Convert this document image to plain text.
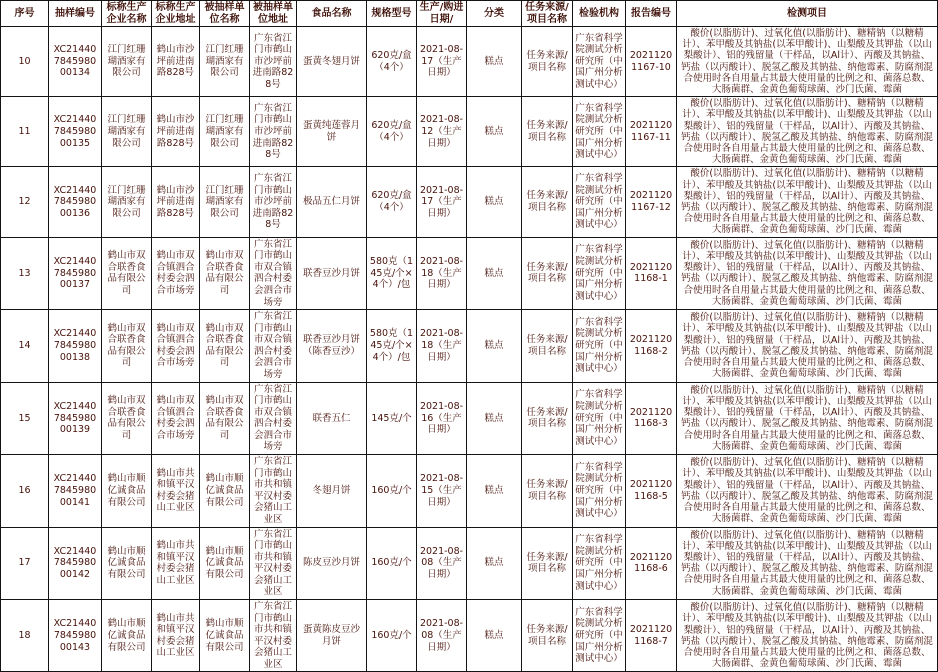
序号	抽样编号	标称生产企业名称	标称生产企业地址	被抽样单位名称	被抽样单位地址	食品名称	规格型号	生产/购进日期/	分类	任务来源/项目名称	检验机构	报告编号	检测项目
10	XC21440784598000134	江门红珊瑚酒家有限公司	鹤山市沙坪前进南路828号	江门红珊瑚酒家有限公司	广东省江门市鹤山市沙坪前进南路828号	蛋黄冬翅月饼	620克/盒（4个）	2021-08-17（生产日期）	糕点	任务来源/项目名称	广东省科学院测试分析研究所（中国广州分析测试中心）	20211201167-10	酸价(以脂肪计)、过氧化值(以脂肪计)、糖精钠（以糖精计）、苯甲酸及其钠盐(以苯甲酸计)、山梨酸及其钾盐（以山梨酸计）、铝的残留量（干样品，以Al计）、丙酸及其钠盐、钙盐（以丙酸计）、脱氢乙酸及其钠盐、纳他霉素、防腐剂混合使用时各自用量占其最大使用量的比例之和、菌落总数、大肠菌群、金黄色葡萄球菌、沙门氏菌、霉菌
11	XC21440784598000135	江门红珊瑚酒家有限公司	鹤山市沙坪前进南路828号	江门红珊瑚酒家有限公司	广东省江门市鹤山市沙坪前进南路828号	蛋黄纯莲蓉月饼	620克/盒（4个）	2021-08-12（生产日期）	糕点	任务来源/项目名称	广东省科学院测试分析研究所（中国广州分析测试中心）	20211201167-11	酸价(以脂肪计)、过氧化值(以脂肪计)、糖精钠（以糖精计）、苯甲酸及其钠盐(以苯甲酸计)、山梨酸及其钾盐（以山梨酸计）、铝的残留量（干样品，以Al计）、丙酸及其钠盐、钙盐（以丙酸计）、脱氢乙酸及其钠盐、纳他霉素、防腐剂混合使用时各自用量占其最大使用量的比例之和、菌落总数、大肠菌群、金黄色葡萄球菌、沙门氏菌、霉菌
12	XC21440784598000136	江门红珊瑚酒家有限公司	鹤山市沙坪前进南路828号	江门红珊瑚酒家有限公司	广东省江门市鹤山市沙坪前进南路828号	极品五仁月饼	620克/盒（4个）	2021-08-17（生产日期）	糕点	任务来源/项目名称	广东省科学院测试分析研究所（中国广州分析测试中心）	20211201167-12	酸价(以脂肪计)、过氧化值(以脂肪计)、糖精钠（以糖精计）、苯甲酸及其钠盐(以苯甲酸计)、山梨酸及其钾盐（以山梨酸计）、铝的残留量（干样品，以Al计）、丙酸及其钠盐、钙盐（以丙酸计）、脱氢乙酸及其钠盐、纳他霉素、防腐剂混合使用时各自用量占其最大使用量的比例之和、菌落总数、大肠菌群、金黄色葡萄球菌、沙门氏菌、霉菌
13	XC21440784598000137	鹤山市双合联香食品有限公司	鹤山市双合镇泗合村委会泗合市场旁	鹤山市双合联香食品有限公司	广东省江门市鹤山市双合镇泗合村委会泗合市场旁	联香豆沙月饼	580克（145克/个×4个）/包	2021-08-18（生产日期）	糕点	任务来源/项目名称	广东省科学院测试分析研究所（中国广州分析测试中心）	20211201168-1	酸价(以脂肪计)、过氧化值(以脂肪计)、糖精钠（以糖精计）、苯甲酸及其钠盐(以苯甲酸计)、山梨酸及其钾盐（以山梨酸计）、铝的残留量（干样品，以Al计）、丙酸及其钠盐、钙盐（以丙酸计）、脱氢乙酸及其钠盐、纳他霉素、防腐剂混合使用时各自用量占其最大使用量的比例之和、菌落总数、大肠菌群、金黄色葡萄球菌、沙门氏菌、霉菌
14	XC21440784598000138	鹤山市双合联香食品有限公司	鹤山市双合镇泗合村委会泗合市场旁	鹤山市双合联香食品有限公司	广东省江门市鹤山市双合镇泗合村委会泗合市场旁	联香豆沙月饼（陈香豆沙）	580克（145克/个×4个）/包	2021-08-18（生产日期）	糕点	任务来源/项目名称	广东省科学院测试分析研究所（中国广州分析测试中心）	20211201168-2	酸价(以脂肪计)、过氧化值(以脂肪计)、糖精钠（以糖精计）、苯甲酸及其钠盐(以苯甲酸计)、山梨酸及其钾盐（以山梨酸计）、铝的残留量（干样品，以Al计）、丙酸及其钠盐、钙盐（以丙酸计）、脱氢乙酸及其钠盐、纳他霉素、防腐剂混合使用时各自用量占其最大使用量的比例之和、菌落总数、大肠菌群、金黄色葡萄球菌、沙门氏菌、霉菌
15	XC21440784598000139	鹤山市双合联香食品有限公司	鹤山市双合镇泗合村委会泗合市场旁	鹤山市双合联香食品有限公司	广东省江门市鹤山市双合镇泗合村委会泗合市场旁	联香五仁	145克/个	2021-08-16（生产日期）	糕点	任务来源/项目名称	广东省科学院测试分析研究所（中国广州分析测试中心）	20211201168-3	酸价(以脂肪计)、过氧化值(以脂肪计)、糖精钠（以糖精计）、苯甲酸及其钠盐(以苯甲酸计)、山梨酸及其钾盐（以山梨酸计）、铝的残留量（干样品，以Al计）、丙酸及其钠盐、钙盐（以丙酸计）、脱氢乙酸及其钠盐、纳他霉素、防腐剂混合使用时各自用量占其最大使用量的比例之和、菌落总数、大肠菌群、金黄色葡萄球菌、沙门氏菌、霉菌
16	XC21440784598000141	鹤山市顺亿诚食品有限公司	鹤山市共和镇平汉村委会猪山工业区	鹤山市顺亿诚食品有限公司	广东省江门市鹤山市共和镇平汉村委会猪山工业区	冬翅月饼	160克/个	2021-08-15（生产日期）	糕点	任务来源/项目名称	广东省科学院测试分析研究所（中国广州分析测试中心）	20211201168-5	酸价(以脂肪计)、过氧化值(以脂肪计)、糖精钠（以糖精计）、苯甲酸及其钠盐(以苯甲酸计)、山梨酸及其钾盐（以山梨酸计）、铝的残留量（干样品，以Al计）、丙酸及其钠盐、钙盐（以丙酸计）、脱氢乙酸及其钠盐、纳他霉素、防腐剂混合使用时各自用量占其最大使用量的比例之和、菌落总数、大肠菌群、金黄色葡萄球菌、沙门氏菌、霉菌
17	XC21440784598000142	鹤山市顺亿诚食品有限公司	鹤山市共和镇平汉村委会猪山工业区	鹤山市顺亿诚食品有限公司	广东省江门市鹤山市共和镇平汉村委会猪山工业区	陈皮豆沙月饼	160克/个	2021-08-08（生产日期）	糕点	任务来源/项目名称	广东省科学院测试分析研究所（中国广州分析测试中心）	20211201168-6	酸价(以脂肪计)、过氧化值(以脂肪计)、糖精钠（以糖精计）、苯甲酸及其钠盐(以苯甲酸计)、山梨酸及其钾盐（以山梨酸计）、铝的残留量（干样品，以Al计）、丙酸及其钠盐、钙盐（以丙酸计）、脱氢乙酸及其钠盐、纳他霉素、防腐剂混合使用时各自用量占其最大使用量的比例之和、菌落总数、大肠菌群、金黄色葡萄球菌、沙门氏菌、霉菌
18	XC21440784598000143	鹤山市顺亿诚食品有限公司	鹤山市共和镇平汉村委会猪山工业区	鹤山市顺亿诚食品有限公司	广东省江门市鹤山市共和镇平汉村委会猪山工业区	蛋黄陈皮豆沙月饼	160克/个	2021-08-08（生产日期）	糕点	任务来源/项目名称	广东省科学院测试分析研究所（中国广州分析测试中心）	20211201168-7	酸价(以脂肪计)、过氧化值(以脂肪计)、糖精钠（以糖精计）、苯甲酸及其钠盐(以苯甲酸计)、山梨酸及其钾盐（以山梨酸计）、铝的残留量（干样品，以Al计）、丙酸及其钠盐、钙盐（以丙酸计）、脱氢乙酸及其钠盐、纳他霉素、防腐剂混合使用时各自用量占其最大使用量的比例之和、菌落总数、大肠菌群、金黄色葡萄球菌、沙门氏菌、霉菌
